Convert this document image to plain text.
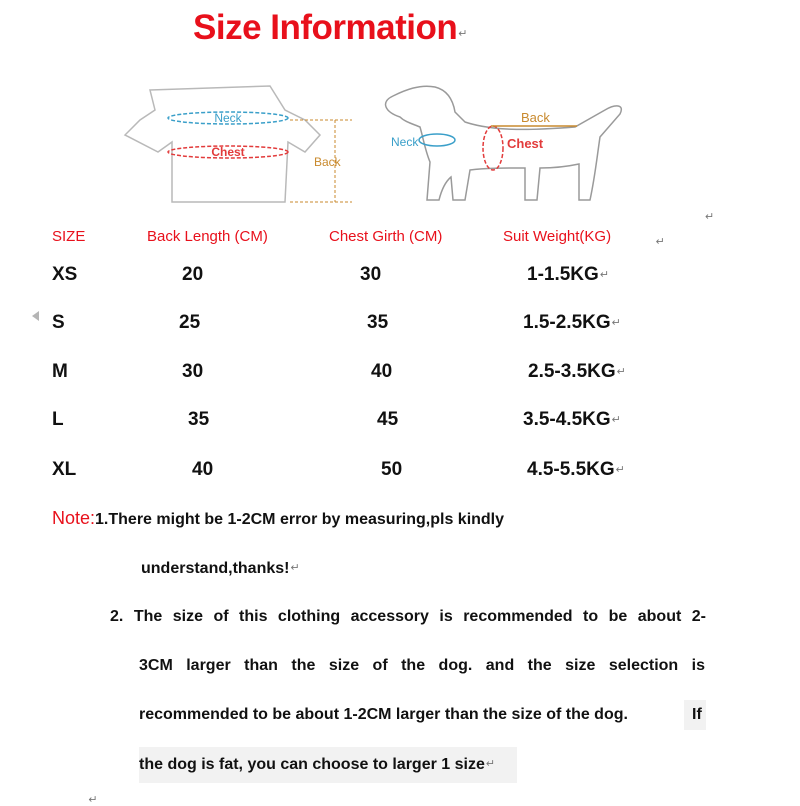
Size Information↵
Neck
Chest
Back
Neck	Chest
Back
$_↵$
SIZE	Back Length (CM)	Chest Girth (CM)	Suit Weight(KG)	$_↵$
XS	20	30	1-1.5KG↵
S	25	35	1.5-2.5KG↵
M	30	40	2.5-3.5KG↵
L	35	45	3.5-4.5KG↵
XL	40	50	4.5-5.5KG↵
Note:1.There might be 1-2CM error by measuring,pls kindly
understand,thanks!↵
2. The size of this clothing accessory is recommended to be about 2-
3CM larger than the size of the dog. and the size selection is
recommended to be about 1-2CM larger than the size of the dog.	If
the dog is fat, you can choose to larger 1 size↵
$_↵$
